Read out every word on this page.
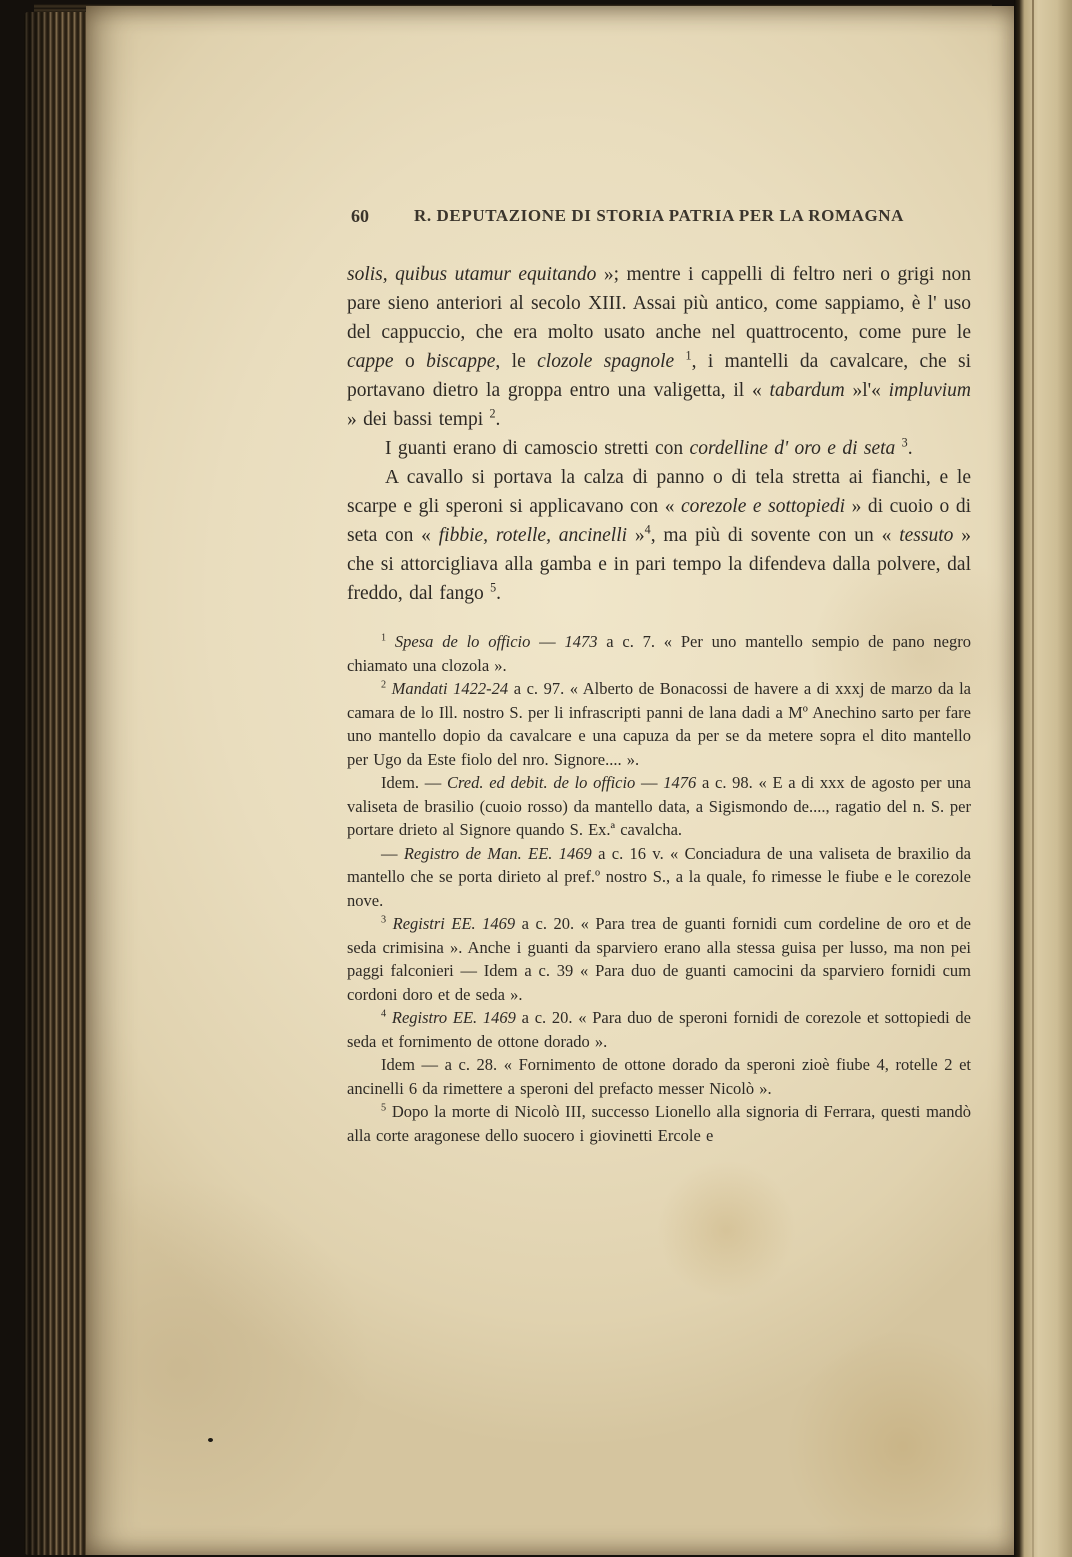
60	R. DEPUTAZIONE DI STORIA PATRIA PER LA ROMAGNA

solis, quibus utamur equitando »; mentre i cappelli di feltro neri o grigi non pare sieno anteriori al secolo XIII. Assai più antico, come sappiamo, è l' uso del cappuccio, che era molto usato anche nel quattrocento, come pure le cappe o biscappe, le clozole spagnole $^1$, i mantelli da cavalcare, che si portavano dietro la groppa entro una valigetta, il « tabardum »l'« impluvium » dei bassi tempi $^2$.

I guanti erano di camoscio stretti con cordelline d' oro e di seta $^3$.

A cavallo si portava la calza di panno o di tela stretta ai fianchi, e le scarpe e gli speroni si applicavano con « corezole e sottopiedi » di cuoio o di seta con « fibbie, rotelle, ancinelli »$^4$, ma più di sovente con un « tessuto » che si attorcigliava alla gamba e in pari tempo la difendeva dalla polvere, dal freddo, dal fango $^5$.

$^1$ Spesa de lo officio — 1473 a c. 7. « Per uno mantello sempio de pano negro chiamato una clozola ».

$^2$ Mandati 1422-24 a c. 97. « Alberto de Bonacossi de havere a di xxxj de marzo da la camara de lo Ill. nostro S. per li infrascripti panni de lana dadi a Mº Anechino sarto per fare uno mantello dopio da cavalcare e una capuza da per se da metere sopra el dito mantello per Ugo da Este fiolo del nro. Signore.... ».

Idem. — Cred. ed debit. de lo officio — 1476 a c. 98. « E a di xxx de agosto per una valiseta de brasilio (cuoio rosso) da mantello data, a Sigismondo de...., ragatio del n. S. per portare drieto al Signore quando S. Ex.ª cavalcha.

— Registro de Man. EE. 1469 a c. 16 v. « Conciadura de una valiseta de braxilio da mantello che se porta dirieto al pref.º nostro S., a la quale, fo rimesse le fiube e le corezole nove.

$^3$ Registri EE. 1469 a c. 20. « Para trea de guanti fornidi cum cordeline de oro et de seda crimisina ». Anche i guanti da sparviero erano alla stessa guisa per lusso, ma non pei paggi falconieri — Idem a c. 39 « Para duo de guanti camocini da sparviero fornidi cum cordoni doro et de seda ».

$^4$ Registro EE. 1469 a c. 20. « Para duo de speroni fornidi de corezole et sottopiedi de seda et fornimento de ottone dorado ».

Idem — a c. 28. « Fornimento de ottone dorado da speroni zioè fiube 4, rotelle 2 et ancinelli 6 da rimettere a speroni del prefacto messer Nicolò ».

$^5$ Dopo la morte di Nicolò III, successo Lionello alla signoria di Ferrara, questi mandò alla corte aragonese dello suocero i giovinetti Ercole e
